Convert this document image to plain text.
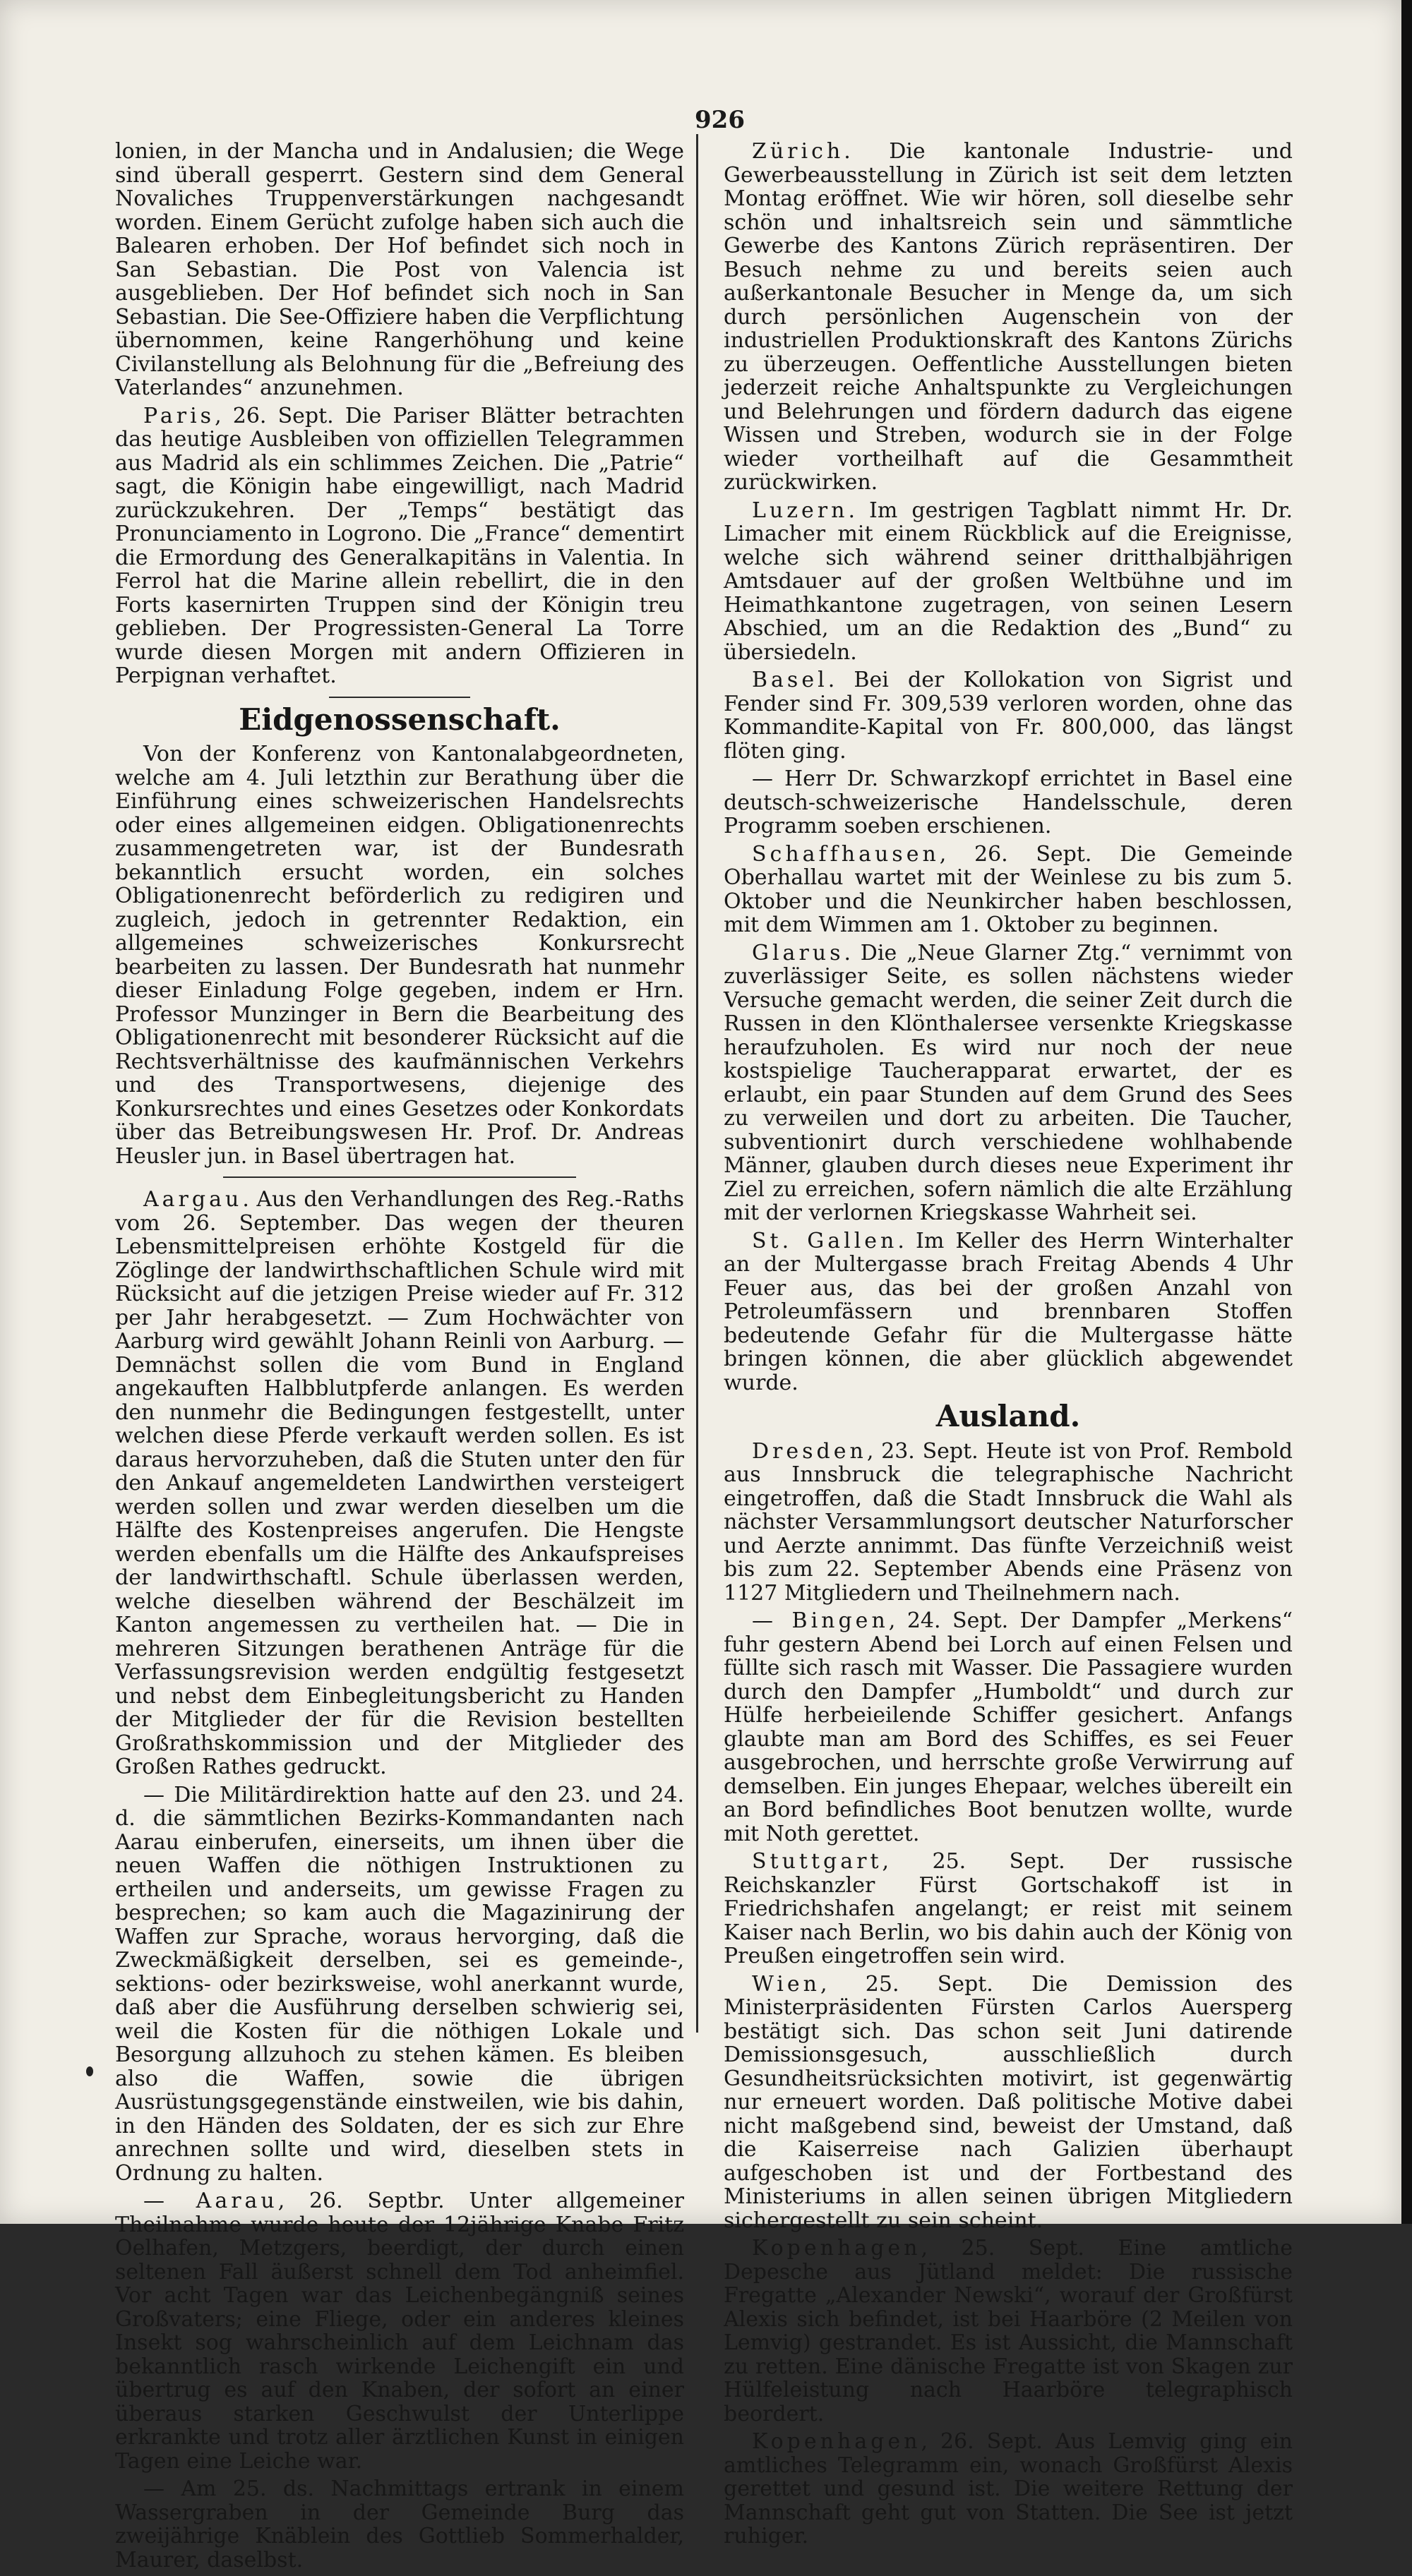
926

lonien, in der Mancha und in Andalusien; die Wege sind überall gesperrt. Gestern sind dem General Novaliches Truppenverstärkungen nachgesandt worden. Einem Gerücht zufolge haben sich auch die Balearen erhoben. Der Hof befindet sich noch in San Sebastian. Die Post von Valencia ist ausgeblieben. Der Hof befindet sich noch in San Sebastian. Die See-Offiziere haben die Verpflichtung übernommen, keine Rangerhöhung und keine Civilanstellung als Belohnung für die „Befreiung des Vaterlandes“ anzunehmen.

Paris, 26. Sept. Die Pariser Blätter betrachten das heutige Ausbleiben von offiziellen Telegrammen aus Madrid als ein schlimmes Zeichen. Die „Patrie“ sagt, die Königin habe eingewilligt, nach Madrid zurückzukehren. Der „Temps“ bestätigt das Pronunciamento in Logrono. Die „France“ dementirt die Ermordung des Generalkapitäns in Valentia. In Ferrol hat die Marine allein rebellirt, die in den Forts kasernirten Truppen sind der Königin treu geblieben. Der Progressisten-General La Torre wurde diesen Morgen mit andern Offizieren in Perpignan verhaftet.

Eidgenossenschaft.

Von der Konferenz von Kantonalabgeordneten, welche am 4. Juli letzthin zur Berathung über die Einführung eines schweizerischen Handelsrechts oder eines allgemeinen eidgen. Obligationenrechts zusammengetreten war, ist der Bundesrath bekanntlich ersucht worden, ein solches Obligationenrecht beförderlich zu redigiren und zugleich, jedoch in getrennter Redaktion, ein allgemeines schweizerisches Konkursrecht bearbeiten zu lassen. Der Bundesrath hat nunmehr dieser Einladung Folge gegeben, indem er Hrn. Professor Munzinger in Bern die Bearbeitung des Obligationenrecht mit besonderer Rücksicht auf die Rechtsverhältnisse des kaufmännischen Verkehrs und des Transportwesens, diejenige des Konkursrechtes und eines Gesetzes oder Konkordats über das Betreibungswesen Hr. Prof. Dr. Andreas Heusler jun. in Basel übertragen hat.

Aargau. Aus den Verhandlungen des Reg.-Raths vom 26. September. Das wegen der theuren Lebensmittelpreisen erhöhte Kostgeld für die Zöglinge der landwirthschaftlichen Schule wird mit Rücksicht auf die jetzigen Preise wieder auf Fr. 312 per Jahr herabgesetzt. — Zum Hochwächter von Aarburg wird gewählt Johann Reinli von Aarburg. — Demnächst sollen die vom Bund in England angekauften Halbblutpferde anlangen. Es werden den nunmehr die Bedingungen festgestellt, unter welchen diese Pferde verkauft werden sollen. Es ist daraus hervorzuheben, daß die Stuten unter den für den Ankauf angemeldeten Landwirthen versteigert werden sollen und zwar werden dieselben um die Hälfte des Kostenpreises angerufen. Die Hengste werden ebenfalls um die Hälfte des Ankaufspreises der landwirthschaftl. Schule überlassen werden, welche dieselben während der Beschälzeit im Kanton angemessen zu vertheilen hat. — Die in mehreren Sitzungen berathenen Anträge für die Verfassungsrevision werden endgültig festgesetzt und nebst dem Einbegleitungsbericht zu Handen der Mitglieder der für die Revision bestellten Großrathskommission und der Mitglieder des Großen Rathes gedruckt.

— Die Militärdirektion hatte auf den 23. und 24. d. die sämmtlichen Bezirks-Kommandanten nach Aarau einberufen, einerseits, um ihnen über die neuen Waffen die nöthigen Instruktionen zu ertheilen und anderseits, um gewisse Fragen zu besprechen; so kam auch die Magazinirung der Waffen zur Sprache, woraus hervorging, daß die Zweckmäßigkeit derselben, sei es gemeinde-, sektions- oder bezirksweise, wohl anerkannt wurde, daß aber die Ausführung derselben schwierig sei, weil die Kosten für die nöthigen Lokale und Besorgung allzuhoch zu stehen kämen. Es bleiben also die Waffen, sowie die übrigen Ausrüstungsgegenstände einstweilen, wie bis dahin, in den Händen des Soldaten, der es sich zur Ehre anrechnen sollte und wird, dieselben stets in Ordnung zu halten.

— Aarau, 26. Septbr. Unter allgemeiner Theilnahme wurde heute der 12jährige Knabe Fritz Oelhafen, Metzgers, beerdigt, der durch einen seltenen Fall äußerst schnell dem Tod anheimfiel. Vor acht Tagen war das Leichenbegängniß seines Großvaters; eine Fliege, oder ein anderes kleines Insekt sog wahrscheinlich auf dem Leichnam das bekanntlich rasch wirkende Leichengift ein und übertrug es auf den Knaben, der sofort an einer überaus starken Geschwulst der Unterlippe erkrankte und trotz aller ärztlichen Kunst in einigen Tagen eine Leiche war.

— Am 25. ds. Nachmittags ertrank in einem Wassergraben in der Gemeinde Burg das zweijährige Knäblein des Gottlieb Sommerhalder, Maurer, daselbst.

Zürich. Die kantonale Industrie- und Gewerbeausstellung in Zürich ist seit dem letzten Montag eröffnet. Wie wir hören, soll dieselbe sehr schön und inhaltsreich sein und sämmtliche Gewerbe des Kantons Zürich repräsentiren. Der Besuch nehme zu und bereits seien auch außerkantonale Besucher in Menge da, um sich durch persönlichen Augenschein von der industriellen Produktionskraft des Kantons Zürichs zu überzeugen. Oeffentliche Ausstellungen bieten jederzeit reiche Anhaltspunkte zu Vergleichungen und Belehrungen und fördern dadurch das eigene Wissen und Streben, wodurch sie in der Folge wieder vortheilhaft auf die Gesammtheit zurückwirken.

Luzern. Im gestrigen Tagblatt nimmt Hr. Dr. Limacher mit einem Rückblick auf die Ereignisse, welche sich während seiner dritthalbjährigen Amtsdauer auf der großen Weltbühne und im Heimathkantone zugetragen, von seinen Lesern Abschied, um an die Redaktion des „Bund“ zu übersiedeln.

Basel. Bei der Kollokation von Sigrist und Fender sind Fr. 309,539 verloren worden, ohne das Kommandite-Kapital von Fr. 800,000, das längst flöten ging.

— Herr Dr. Schwarzkopf errichtet in Basel eine deutsch-schweizerische Handelsschule, deren Programm soeben erschienen.

Schaffhausen, 26. Sept. Die Gemeinde Oberhallau wartet mit der Weinlese zu bis zum 5. Oktober und die Neunkircher haben beschlossen, mit dem Wimmen am 1. Oktober zu beginnen.

Glarus. Die „Neue Glarner Ztg.“ vernimmt von zuverlässiger Seite, es sollen nächstens wieder Versuche gemacht werden, die seiner Zeit durch die Russen in den Klönthalersee versenkte Kriegskasse heraufzuholen. Es wird nur noch der neue kostspielige Taucherapparat erwartet, der es erlaubt, ein paar Stunden auf dem Grund des Sees zu verweilen und dort zu arbeiten. Die Taucher, subventionirt durch verschiedene wohlhabende Männer, glauben durch dieses neue Experiment ihr Ziel zu erreichen, sofern nämlich die alte Erzählung mit der verlornen Kriegskasse Wahrheit sei.

St. Gallen. Im Keller des Herrn Winterhalter an der Multergasse brach Freitag Abends 4 Uhr Feuer aus, das bei der großen Anzahl von Petroleumfässern und brennbaren Stoffen bedeutende Gefahr für die Multergasse hätte bringen können, die aber glücklich abgewendet wurde.

Ausland.

Dresden, 23. Sept. Heute ist von Prof. Rembold aus Innsbruck die telegraphische Nachricht eingetroffen, daß die Stadt Innsbruck die Wahl als nächster Versammlungsort deutscher Naturforscher und Aerzte annimmt. Das fünfte Verzeichniß weist bis zum 22. September Abends eine Präsenz von 1127 Mitgliedern und Theilnehmern nach.

— Bingen, 24. Sept. Der Dampfer „Merkens“ fuhr gestern Abend bei Lorch auf einen Felsen und füllte sich rasch mit Wasser. Die Passagiere wurden durch den Dampfer „Humboldt“ und durch zur Hülfe herbeieilende Schiffer gesichert. Anfangs glaubte man am Bord des Schiffes, es sei Feuer ausgebrochen, und herrschte große Verwirrung auf demselben. Ein junges Ehepaar, welches übereilt ein an Bord befindliches Boot benutzen wollte, wurde mit Noth gerettet.

Stuttgart, 25. Sept. Der russische Reichskanzler Fürst Gortschakoff ist in Friedrichshafen angelangt; er reist mit seinem Kaiser nach Berlin, wo bis dahin auch der König von Preußen eingetroffen sein wird.

Wien, 25. Sept. Die Demission des Ministerpräsidenten Fürsten Carlos Auersperg bestätigt sich. Das schon seit Juni datirende Demissionsgesuch, ausschließlich durch Gesundheitsrücksichten motivirt, ist gegenwärtig nur erneuert worden. Daß politische Motive dabei nicht maßgebend sind, beweist der Umstand, daß die Kaiserreise nach Galizien überhaupt aufgeschoben ist und der Fortbestand des Ministeriums in allen seinen übrigen Mitgliedern sichergestellt zu sein scheint.

Kopenhagen, 25. Sept. Eine amtliche Depesche aus Jütland meldet: Die russische Fregatte „Alexander Newski“, worauf der Großfürst Alexis sich befindet, ist bei Haarböre (2 Meilen von Lemvig) gestrandet. Es ist Aussicht, die Mannschaft zu retten. Eine dänische Fregatte ist von Skagen zur Hülfeleistung nach Haarböre telegraphisch beordert.

Kopenhagen, 26. Sept. Aus Lemvig ging ein amtliches Telegramm ein, wonach Großfürst Alexis gerettet und gesund ist. Die weitere Rettung der Mannschaft geht gut von Statten. Die See ist jetzt ruhiger.
